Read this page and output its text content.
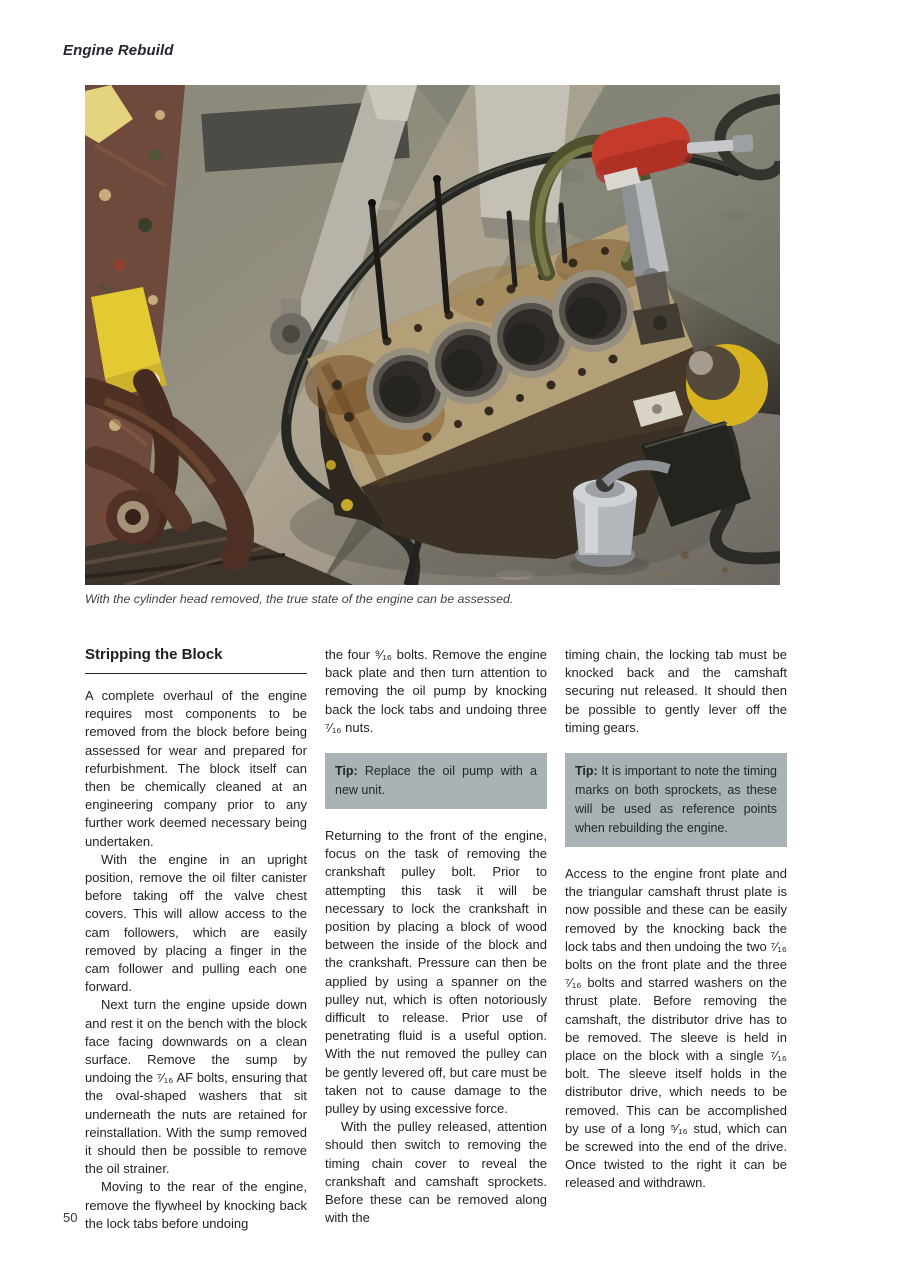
Engine Rebuild
With the cylinder head removed, the true state of the engine can be assessed.
Stripping the Block

A complete overhaul of the engine requires most components to be removed from the block before being assessed for wear and prepared for refurbishment. The block itself can then be chemically cleaned at an engineering company prior to any further work deemed necessary being undertaken.

With the engine in an upright position, remove the oil filter canister before taking off the valve chest covers. This will allow access to the cam followers, which are easily removed by placing a finger in the cam follower and pulling each one forward.

Next turn the engine upside down and rest it on the bench with the block face facing downwards on a clean surface. Remove the sump by undoing the ⁷⁄₁₆ AF bolts, ensuring that the oval-shaped washers that sit underneath the nuts are retained for reinstallation. With the sump removed it should then be possible to remove the oil strainer.

Moving to the rear of the engine, remove the flywheel by knocking back the lock tabs before undoing

the four ⁹⁄₁₆ bolts. Remove the engine back plate and then turn attention to removing the oil pump by knocking back the lock tabs and undoing three ⁷⁄₁₆ nuts.

Tip: Replace the oil pump with a new unit.

Returning to the front of the engine, focus on the task of removing the crankshaft pulley bolt. Prior to attempting this task it will be necessary to lock the crankshaft in position by placing a block of wood between the inside of the block and the crankshaft. Pressure can then be applied by using a spanner on the pulley nut, which is often notoriously difficult to release. Prior use of penetrating fluid is a useful option. With the nut removed the pulley can be gently levered off, but care must be taken not to cause damage to the pulley by using excessive force.

With the pulley released, attention should then switch to removing the timing chain cover to reveal the crankshaft and camshaft sprockets. Before these can be removed along with the

timing chain, the locking tab must be knocked back and the camshaft securing nut released. It should then be possible to gently lever off the timing gears.

Tip: It is important to note the timing marks on both sprockets, as these will be used as reference points when rebuilding the engine.

Access to the engine front plate and the triangular camshaft thrust plate is now possible and these can be easily removed by the knocking back the lock tabs and then undoing the two ⁷⁄₁₆ bolts on the front plate and the three ⁷⁄₁₆ bolts and starred washers on the thrust plate. Before removing the camshaft, the distributor drive has to be removed. The sleeve is held in place on the block with a single ⁷⁄₁₆ bolt. The sleeve itself holds in the distributor drive, which needs to be removed. This can be accomplished by use of a long ⁵⁄₁₆ stud, which can be screwed into the end of the drive. Once twisted to the right it can be released and withdrawn.

50
